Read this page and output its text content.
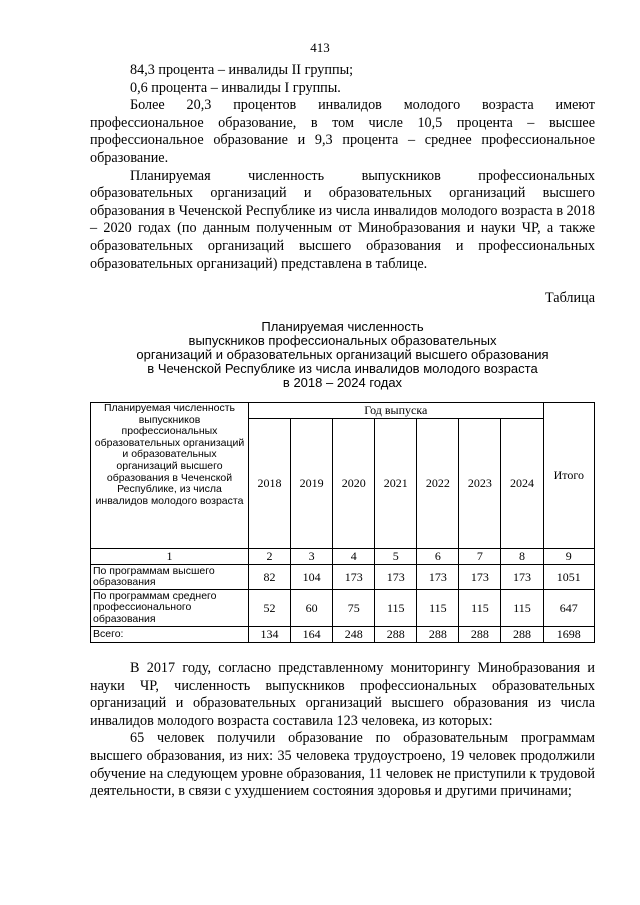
413

84,3 процента – инвалиды II группы;

0,6 процента – инвалиды I группы.

Более 20,3 процентов инвалидов молодого возраста имеют профессиональное образование, в том числе 10,5 процента – высшее профессиональное образование и 9,3 процента – среднее профессиональное образование.

Планируемая численность выпускников профессиональных образовательных организаций и образовательных организаций высшего образования в Чеченской Республике из числа инвалидов молодого возраста в 2018 – 2020 годах (по данным полученным от Минобразования и науки ЧР, а также образовательных организаций высшего образования и профессиональных образовательных организаций) представлена в таблице.

Таблица
Планируемая численность
выпускников профессиональных образовательных
организаций и образовательных организаций высшего образования
в Чеченской Республике из числа инвалидов молодого возраста
в 2018 – 2024 годах
Планируемая численность выпускников профессиональных образовательных организаций и образовательных организаций высшего образования в Чеченской Республике, из числа инвалидов молодого возраста	Год выпуска							Итого
	2018	2019	2020	2021	2022	2023	2024	
1	2	3	4	5	6	7	8	9
По программам высшего образования	82	104	173	173	173	173	173	1051
По программам среднего профессионального образования	52	60	75	115	115	115	115	647
Всего:	134	164	248	288	288	288	288	1698

В 2017 году, согласно представленному мониторингу Минобразования и науки ЧР, численность выпускников профессиональных образовательных организаций и образовательных организаций высшего образования из числа инвалидов молодого возраста составила 123 человека, из которых:

65 человек получили образование по образовательным программам высшего образования, из них: 35 человека трудоустроено, 19 человек продолжили обучение на следующем уровне образования, 11 человек не приступили к трудовой деятельности, в связи с ухудшением состояния здоровья и другими причинами;
